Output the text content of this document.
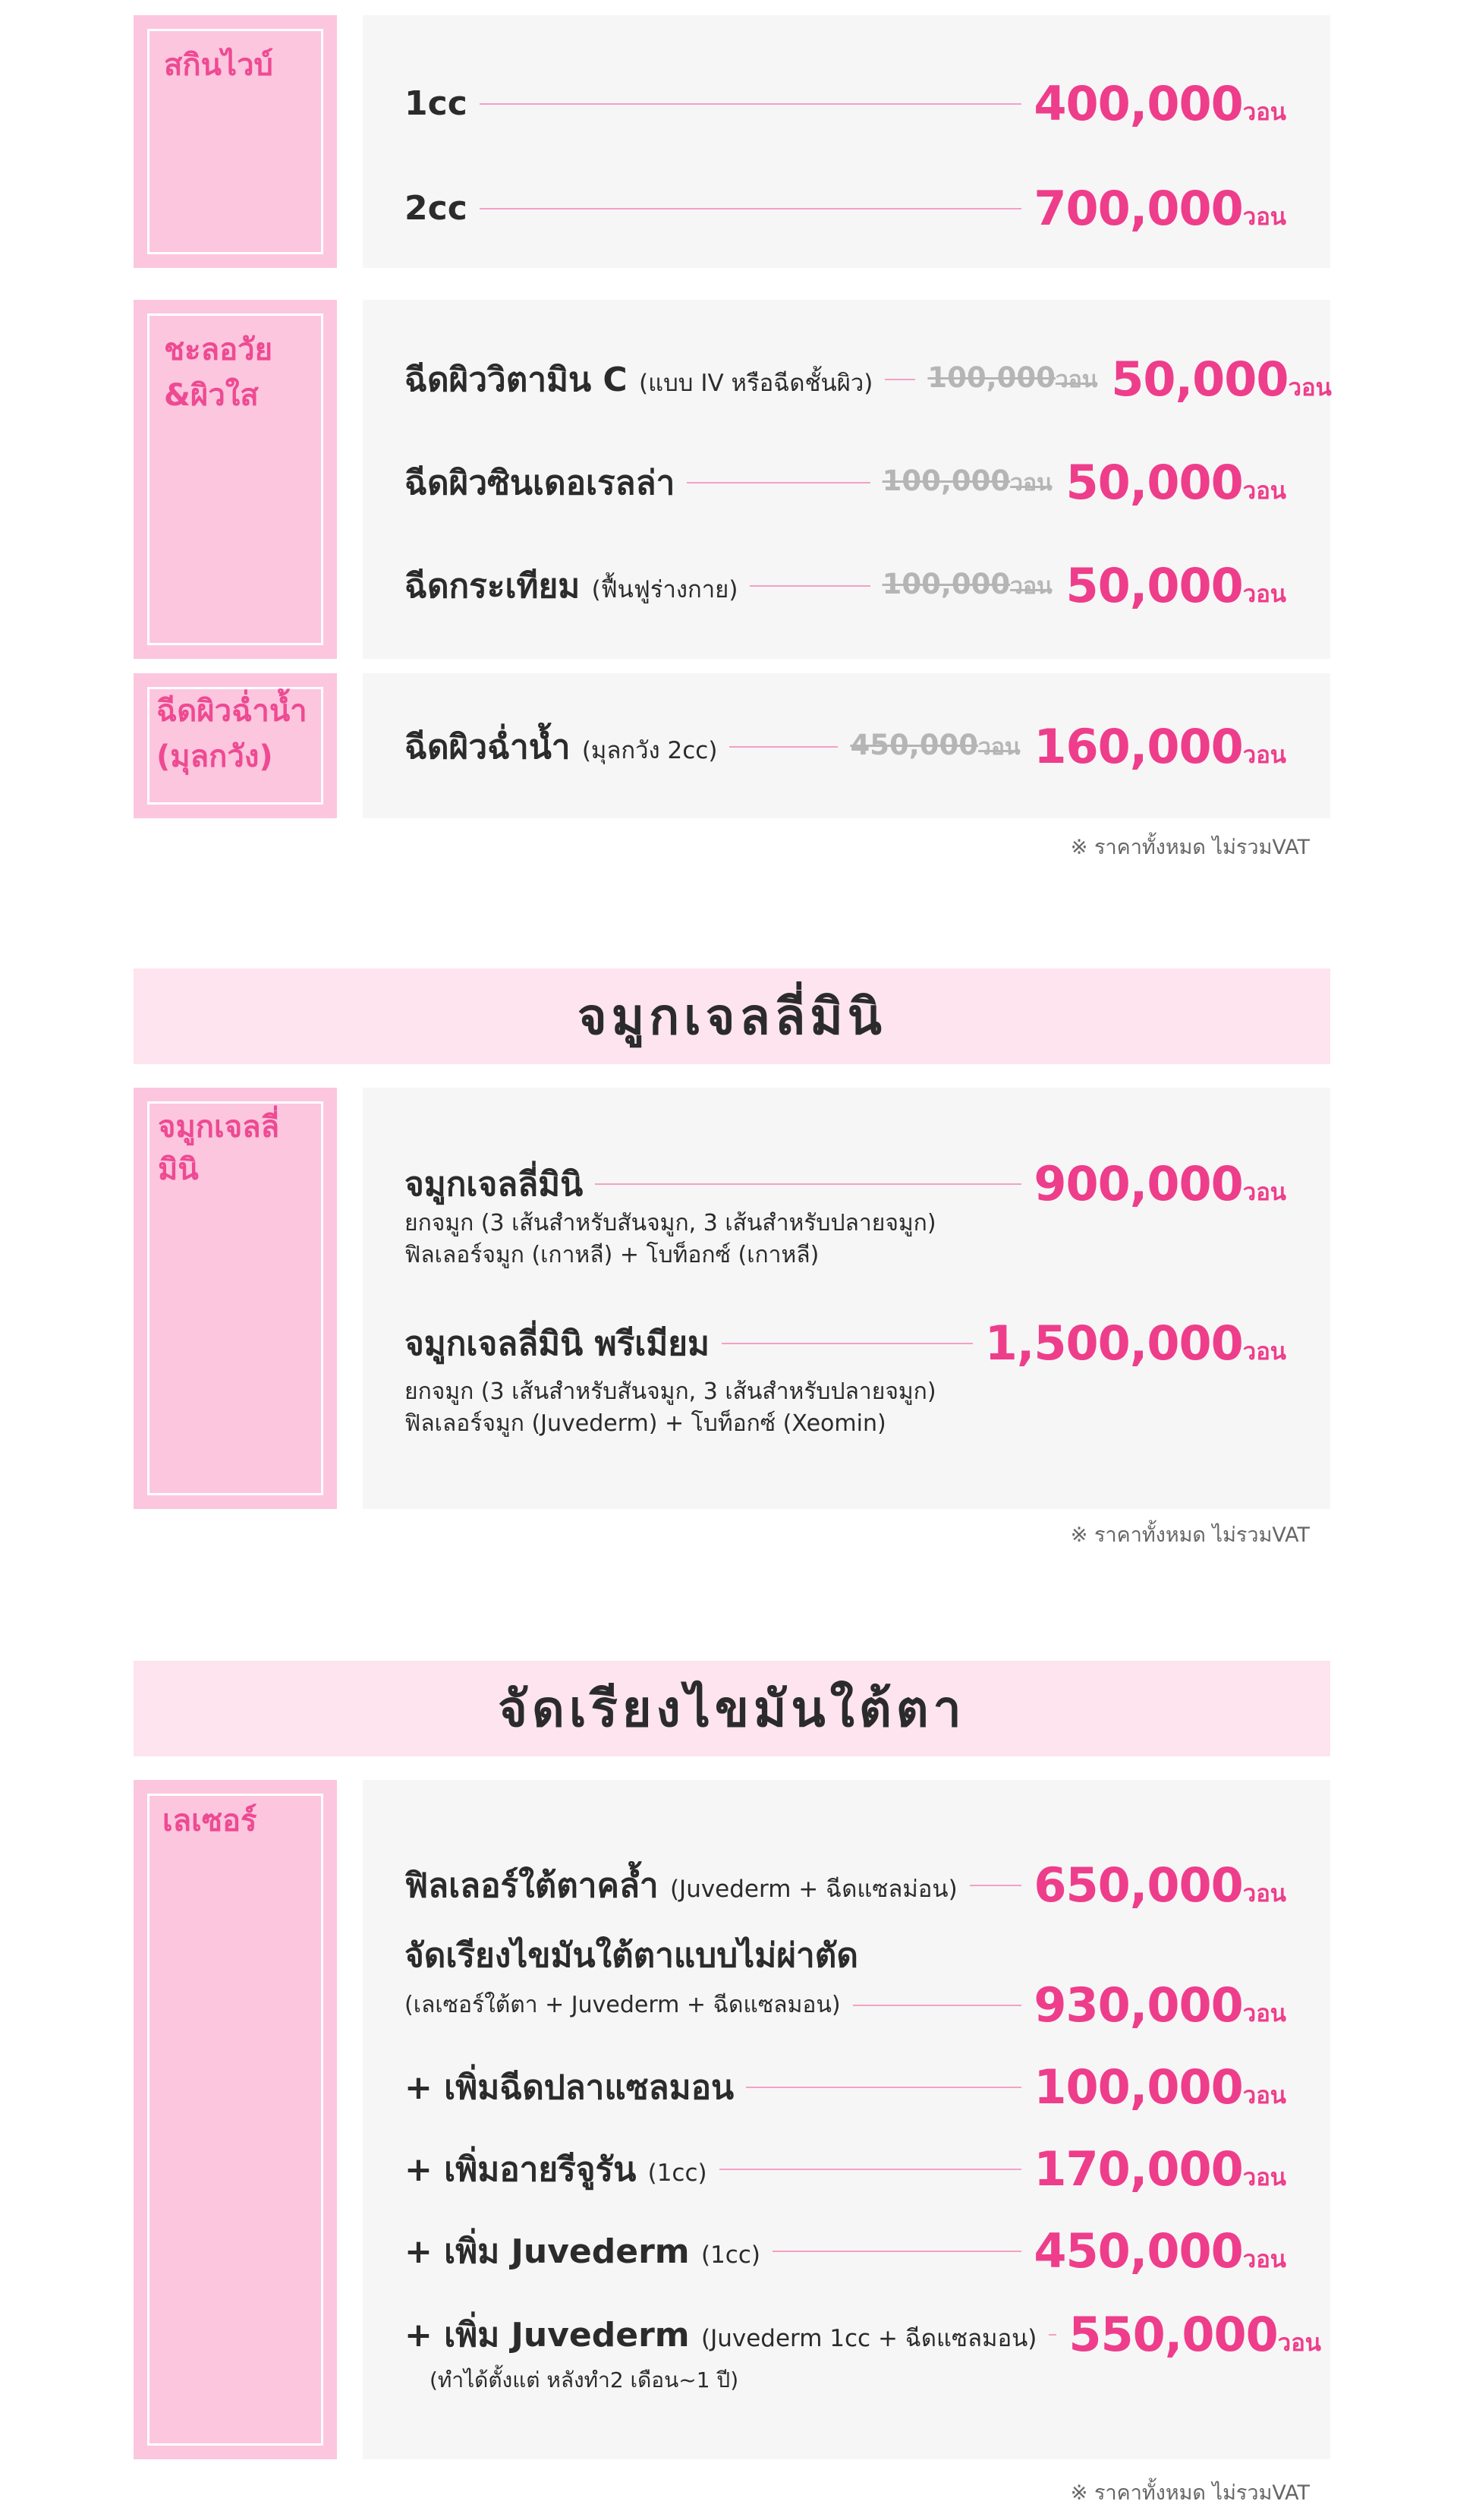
สกินไวบ์
1cc	400,000วอน
2cc	700,000วอน
ชะลอวัย
&ผิวใส	ฉีดผิววิตามิน C (แบบ IV หรือฉีดชั้นผิว) 100,000วอน 50,000วอน
ฉีดผิวซินเดอเรลล่า	100,000วอน 50,000วอน
ฉีดกระเทียม (ฟื้นฟูร่างกาย)	100,000วอน 50,000วอน
ฉีดผิวฉ่ำน้ำ
(มุลกวัง)	ฉีดผิวฉ่ำน้ำ (มุลกวัง 2cc)	450,000วอน 160,000วอน
※ ราคาทั้งหมด ไม่รวมVAT
จมูกเจลลี่มินิ
จมูกเจลลี่
มินิ	จมูกเจลลี่มินิ	900,000วอน
ยกจมูก (3 เส้นสำหรับสันจมูก, 3 เส้นสำหรับปลายจมูก)
ฟิลเลอร์จมูก (เกาหลี) + โบท็อกซ์ (เกาหลี)
จมูกเจลลี่มินิ พรีเมียม	1,500,000วอน
ยกจมูก (3 เส้นสำหรับสันจมูก, 3 เส้นสำหรับปลายจมูก)
ฟิลเลอร์จมูก (Juvederm) + โบท็อกซ์ (Xeomin)
※ ราคาทั้งหมด ไม่รวมVAT
จัดเรียงไขมันใต้ตา
เลเซอร์
ฟิลเลอร์ใต้ตาคล้ำ (Juvederm + ฉีดแซลม่อน) 650,000วอน
จัดเรียงไขมันใต้ตาแบบไม่ผ่าตัด
(เลเซอร์ใต้ตา + Juvederm + ฉีดแซลมอน)	930,000วอน
+ เพิ่มฉีดปลาแซลมอน	100,000วอน
+ เพิ่มอายรีจูรัน (1cc)	170,000วอน
+ เพิ่ม Juvederm (1cc)	450,000วอน
+ เพิ่ม Juvederm (Juvederm 1cc + ฉีดแซลมอน) 550,000วอน
(ทำได้ตั้งแต่ หลังทำ2 เดือน~1 ปี)
※ ราคาทั้งหมด ไม่รวมVAT
